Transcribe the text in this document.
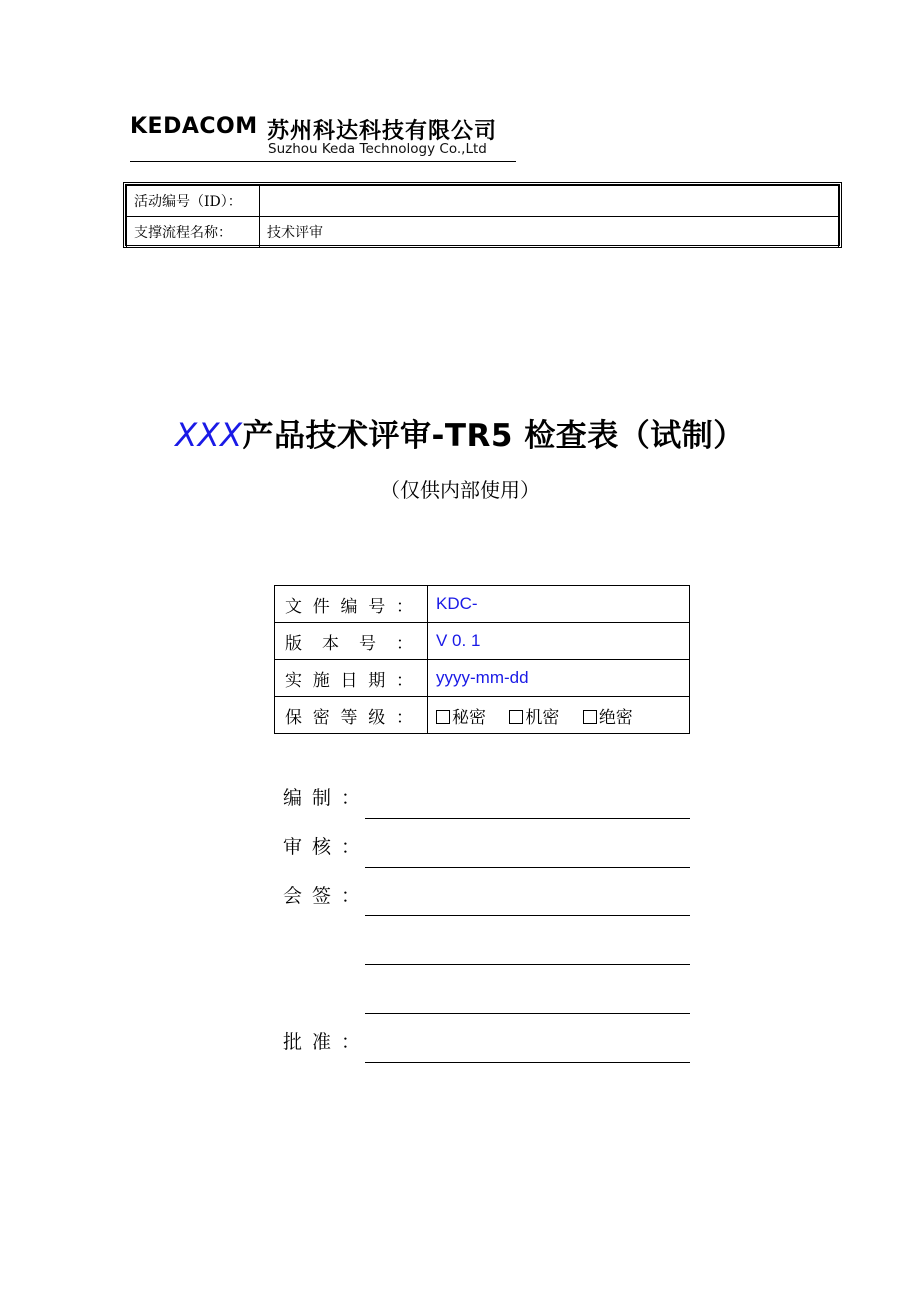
KEDACOM 苏州科达科技有限公司
Suzhou Keda Technology Co.,Ltd
活动编号（ID）：	
支撑流程名称：	技术评审
XXX产品技术评审-TR5 检查表（试制）
（仅供内部使用）
文 件 编 号 ：	KDC-

版 本 号 ：	V 0. 1

实 施 日 期 ：	yyyy-mm-dd

保 密 等 级 ：	秘密 机密 绝密
编制：
审核：
会签：
批准：
